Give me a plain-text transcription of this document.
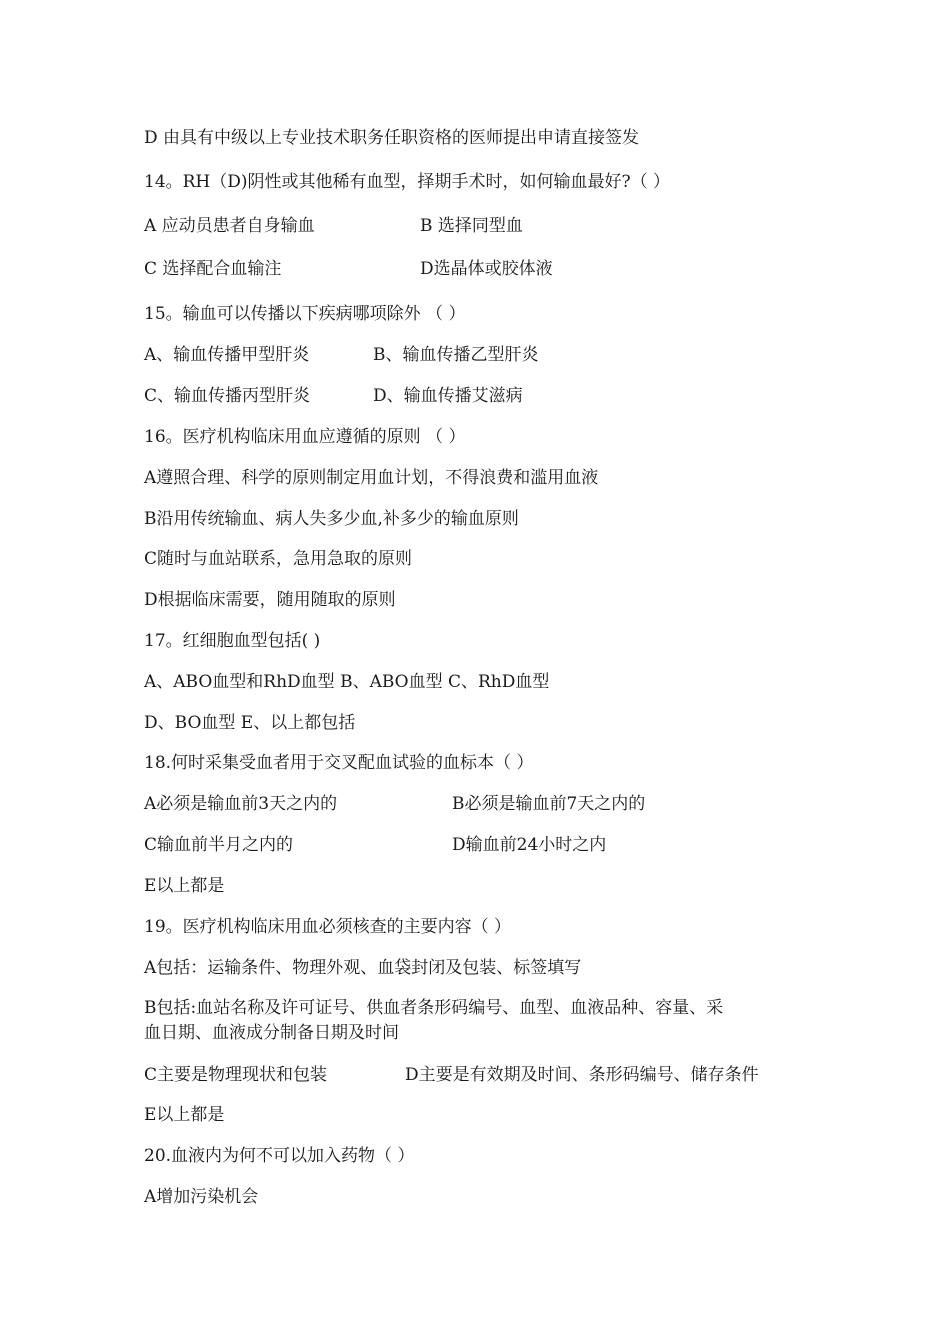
D 由具有中级以上专业技术职务任职资格的医师提出申请直接签发
14。RH（D)阴性或其他稀有血型，择期手术时，如何输血最好?（ ）
A 应动员患者自身输血	B 选择同型血
C 选择配合血输注	D选晶体或胶体液
15。输血可以传播以下疾病哪项除外 （ ）
A、输血传播甲型肝炎	B、输血传播乙型肝炎
C、输血传播丙型肝炎	D、输血传播艾滋病
16。医疗机构临床用血应遵循的原则 （ ）
A遵照合理、科学的原则制定用血计划，不得浪费和滥用血液
B沿用传统输血、病人失多少血,补多少的输血原则
C随时与血站联系，急用急取的原则
D根据临床需要，随用随取的原则
17。红细胞血型包括( )
A、ABO血型和RhD血型 B、ABO血型 C、RhD血型
D、BO血型 E、以上都包括
18.何时采集受血者用于交叉配血试验的血标本（ ）
A必须是输血前3天之内的	B必须是输血前7天之内的
C输血前半月之内的	D输血前24小时之内
E以上都是
19。医疗机构临床用血必须核查的主要内容（ ）
A包括：运输条件、物理外观、血袋封闭及包装、标签填写
B包括:血站名称及许可证号、供血者条形码编号、血型、血液品种、容量、采
血日期、血液成分制备日期及时间
C主要是物理现状和包装	D主要是有效期及时间、条形码编号、储存条件
E以上都是
20.血液内为何不可以加入药物（ ）
A增加污染机会
